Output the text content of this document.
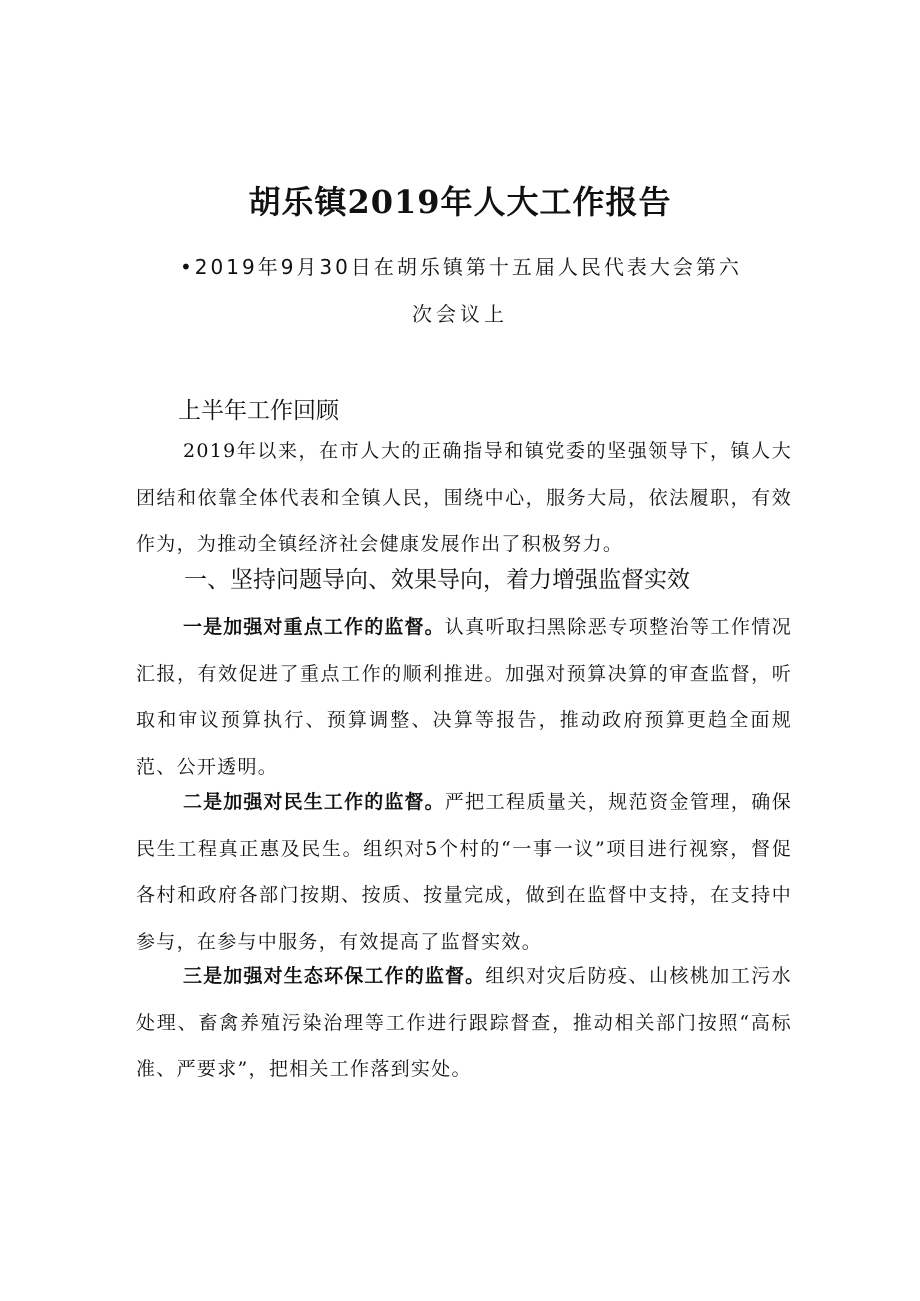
胡乐镇2019年人大工作报告
•2019年9月30日在胡乐镇第十五届人民代表大会第六
次会议上
上半年工作回顾

2019年以来，在市人大的正确指导和镇党委的坚强领导下，镇人大团结和依靠全体代表和全镇人民，围绕中心，服务大局，依法履职，有效作为，为推动全镇经济社会健康发展作出了积极努力。

一、坚持问题导向、效果导向，着力增强监督实效

一是加强对重点工作的监督。认真听取扫黑除恶专项整治等工作情况汇报，有效促进了重点工作的顺利推进。加强对预算决算的审查监督，听取和审议预算执行、预算调整、决算等报告，推动政府预算更趋全面规范、公开透明。

二是加强对民生工作的监督。严把工程质量关，规范资金管理，确保民生工程真正惠及民生。组织对5个村的“一事一议”项目进行视察，督促各村和政府各部门按期、按质、按量完成，做到在监督中支持，在支持中参与，在参与中服务，有效提高了监督实效。

三是加强对生态环保工作的监督。组织对灾后防疫、山核桃加工污水处理、畜禽养殖污染治理等工作进行跟踪督查，推动相关部门按照“高标准、严要求”，把相关工作落到实处。
